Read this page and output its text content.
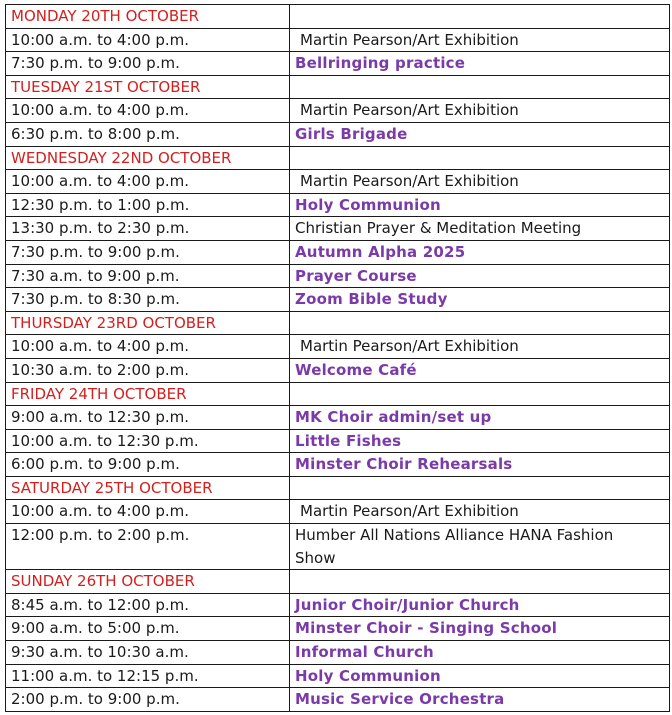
MONDAY 20TH OCTOBER	
10:00 a.m. to 4:00 p.m.	Martin Pearson/Art Exhibition
7:30 p.m. to 9:00 p.m.	Bellringing practice
TUESDAY 21ST OCTOBER	
10:00 a.m. to 4:00 p.m.	Martin Pearson/Art Exhibition
6:30 p.m. to 8:00 p.m.	Girls Brigade
WEDNESDAY 22ND OCTOBER	
10:00 a.m. to 4:00 p.m.	Martin Pearson/Art Exhibition
12:30 p.m. to 1:00 p.m.	Holy Communion
13:30 p.m. to 2:30 p.m.	Christian Prayer & Meditation Meeting
7:30 p.m. to 9:00 p.m.	Autumn Alpha 2025
7:30 a.m. to 9:00 p.m.	Prayer Course
7:30 p.m. to 8:30 p.m.	Zoom Bible Study
THURSDAY 23RD OCTOBER	
10:00 a.m. to 4:00 p.m.	Martin Pearson/Art Exhibition
10:30 a.m. to 2:00 p.m.	Welcome Café
FRIDAY 24TH OCTOBER	
9:00 a.m. to 12:30 p.m.	MK Choir admin/set up
10:00 a.m. to 12:30 p.m.	Little Fishes
6:00 p.m. to 9:00 p.m.	Minster Choir Rehearsals
SATURDAY 25TH OCTOBER	
10:00 a.m. to 4:00 p.m.	Martin Pearson/Art Exhibition
12:00 p.m. to 2:00 p.m.	Humber All Nations Alliance HANA Fashion
Show

SUNDAY 26TH OCTOBER	
8:45 a.m. to 12:00 p.m.	Junior Choir/Junior Church
9:00 a.m. to 5:00 p.m.	Minster Choir - Singing School
9:30 a.m. to 10:30 a.m.	Informal Church
11:00 a.m. to 12:15 p.m.	Holy Communion
2:00 p.m. to 9:00 p.m.	Music Service Orchestra
